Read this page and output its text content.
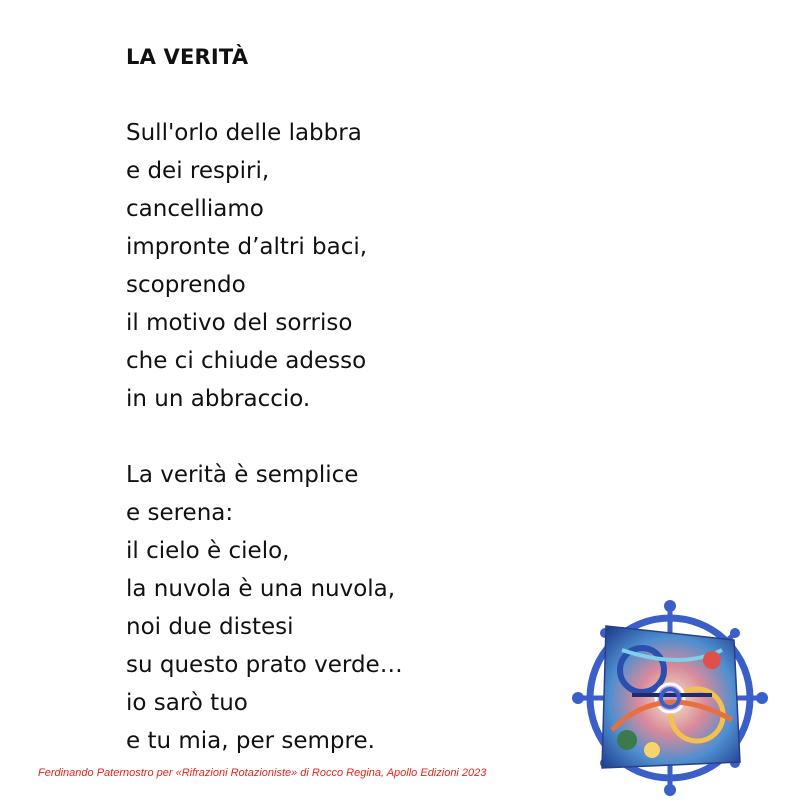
LA VERITÀ
Sull'orlo delle labbra
e dei respiri,
cancelliamo
impronte d’altri baci,
scoprendo
il motivo del sorriso
che ci chiude adesso
in un abbraccio.
La verità è semplice
e serena:
il cielo è cielo,
la nuvola è una nuvola,
noi due distesi
su questo prato verde…
io sarò tuo
e tu mia, per sempre.
Ferdinando Paternostro per «Rifrazioni Rotazioniste» di Rocco Regina, Apollo Edizioni 2023
